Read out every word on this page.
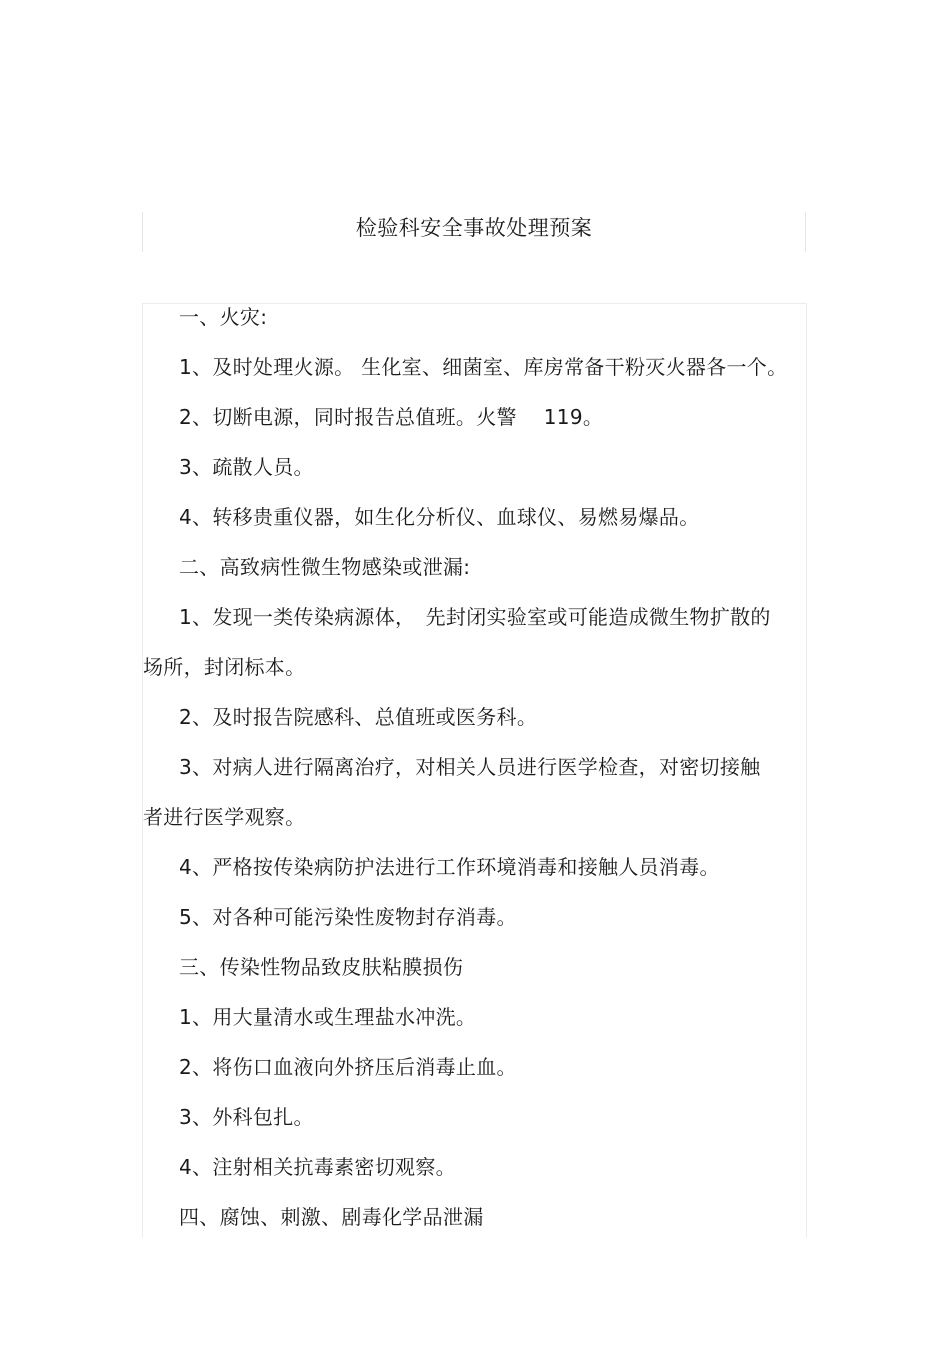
检验科安全事故处理预案
一、火灾:
1、及时处理火源。 生化室、细菌室、库房常备干粉灭火器各一个。
2、切断电源，同时报告总值班。火警　 119。
3、疏散人员。
4、转移贵重仪器，如生化分析仪、血球仪、易燃易爆品。
二、高致病性微生物感染或泄漏:
1、发现一类传染病源体，　先封闭实验室或可能造成微生物扩散的
场所，封闭标本。
2、及时报告院感科、总值班或医务科。
3、对病人进行隔离治疗，对相关人员进行医学检查，对密切接触
者进行医学观察。
4、严格按传染病防护法进行工作环境消毒和接触人员消毒。
5、对各种可能污染性废物封存消毒。
三、传染性物品致皮肤粘膜损伤
1、用大量清水或生理盐水冲洗。
2、将伤口血液向外挤压后消毒止血。
3、外科包扎。
4、注射相关抗毒素密切观察。
四、腐蚀、刺激、剧毒化学品泄漏
